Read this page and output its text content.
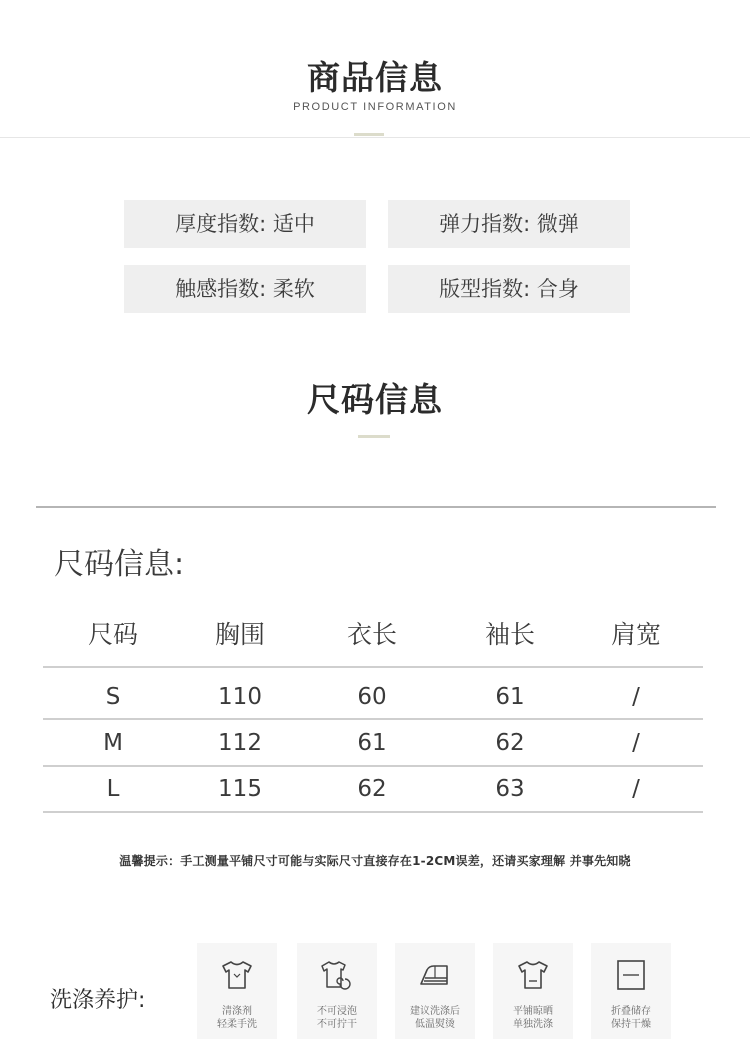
商品信息
PRODUCT INFORMATION
厚度指数: 适中	弹力指数: 微弹
触感指数: 柔软	版型指数: 合身
尺码信息
尺码信息:
尺码	胸围	衣长	袖长	肩宽
S	110	60	61	/
M	112	61	62	/
L	115	62	63	/
温馨提示：手工测量平铺尺寸可能与实际尺寸直接存在1-2CM误差，还请买家理解 并事先知晓
洗涤养护:	清涤剂
轻柔手洗
不可浸泡
不可拧干
建议洗涤后
低温熨烫
平铺晾晒
单独洗涤
折叠储存
保持干燥
